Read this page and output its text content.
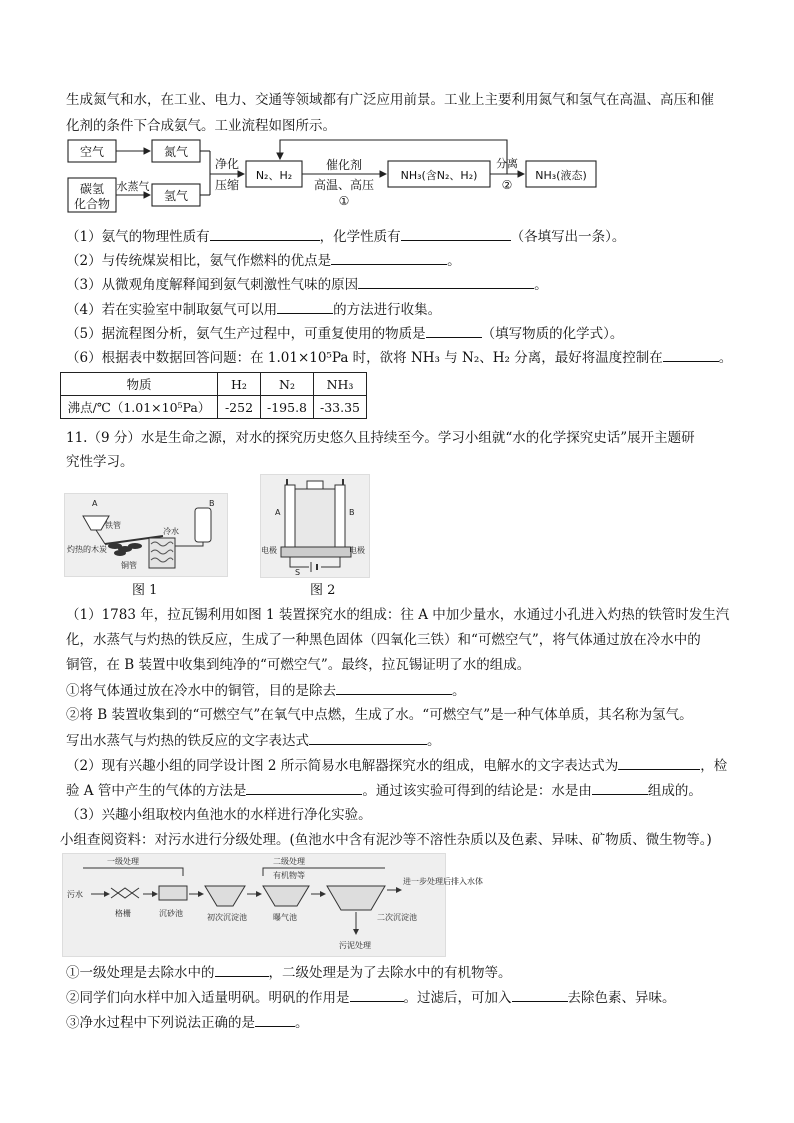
生成氮气和水，在工业、电力、交通等领域都有广泛应用前景。工业上主要利用氮气和氢气在高温、高压和催
化剂的条件下合成氨气。工业流程如图所示。
空气	氮气
碳氢
化合物
水蒸气
氢气
净化
压缩
N₂、H₂
催化剂
高温、高压
①
NH₃(含N₂、H₂)
分离
②
NH₃(液态)
（1）氨气的物理性质有	，化学性质有	（各填写出一条）。
（2）与传统煤炭相比，氨气作燃料的优点是	。
（3）从微观角度解释闻到氨气刺激性气味的原因	。
（4）若在实验室中制取氨气可以用	的方法进行收集。
（5）据流程图分析，氨气生产过程中，可重复使用的物质是	（填写物质的化学式）。
（6）根据表中数据回答问题：在 1.01×10⁵Pa 时，欲将 NH₃ 与 N₂、H₂ 分离，最好将温度控制在	。
物质	H₂	N₂	NH₃
沸点/℃（1.01×10⁵Pa）	-252	-195.8	-33.35
11.（9 分）水是生命之源，对水的探究历史悠久且持续至今。学习小组就“水的化学探究史话”展开主题研
究性学习。
A	B
铁管
冷水
灼热的木炭
铜管
图 1
A	B
电极	电极
S
图 2
（1）1783 年，拉瓦锡利用如图 1 装置探究水的组成：往 A 中加少量水，水通过小孔进入灼热的铁管时发生汽
化，水蒸气与灼热的铁反应，生成了一种黑色固体（四氧化三铁）和“可燃空气”，将气体通过放在冷水中的
铜管，在 B 装置中收集到纯净的“可燃空气”。最终，拉瓦锡证明了水的组成。
①将气体通过放在冷水中的铜管，目的是除去	。
②将 B 装置收集到的“可燃空气”在氧气中点燃，生成了水。“可燃空气”是一种气体单质，其名称为氢气。
写出水蒸气与灼热的铁反应的文字表达式	。
（2）现有兴趣小组的同学设计图 2 所示简易水电解器探究水的组成，电解水的文字表达式为	，检
验 A 管中产生的气体的方法是	。通过该实验可得到的结论是：水是由	组成的。
（3）兴趣小组取校内鱼池水的水样进行净化实验。
小组查阅资料：对污水进行分级处理。(鱼池水中含有泥沙等不溶性杂质以及色素、异味、矿物质、微生物等。)
一级处理	二级处理
有机物等
污水
格栅	沉砂池	初次沉淀池	曝气池	二次沉淀池
污泥处理
进一步处理后排入水体
①一级处理是去除水中的	，二级处理是为了去除水中的有机物等。
②同学们向水样中加入适量明矾。明矾的作用是	。过滤后，可加入	去除色素、异味。
③净水过程中下列说法正确的是	。
